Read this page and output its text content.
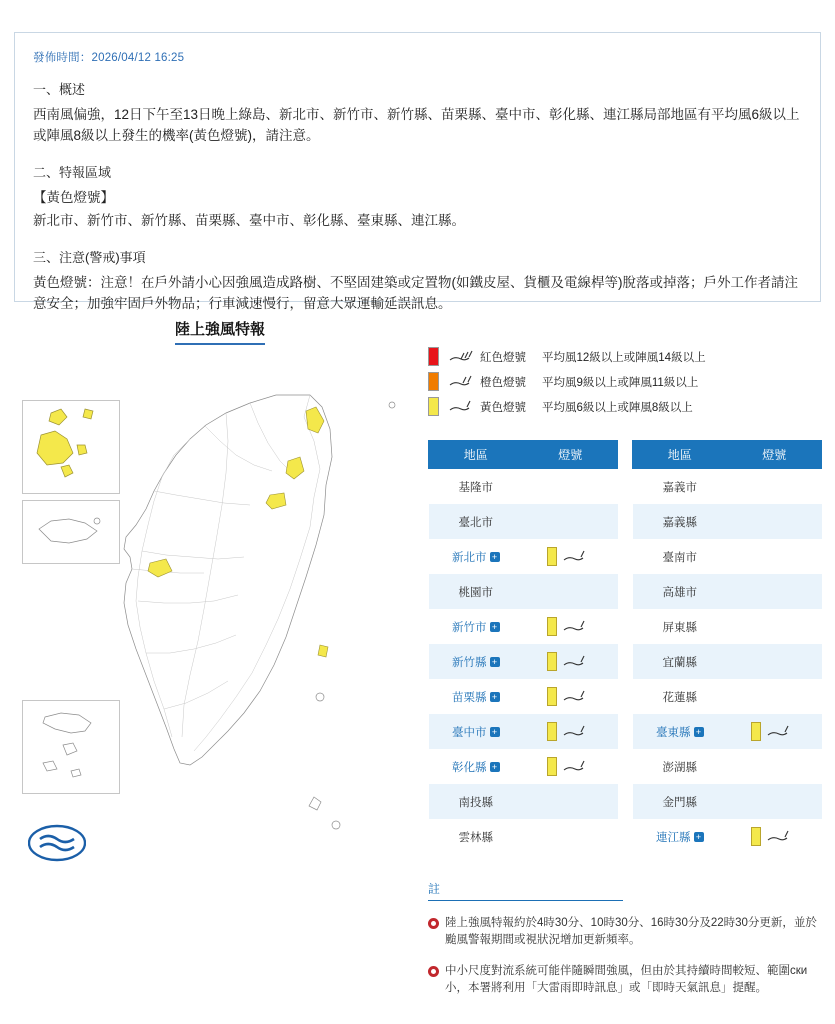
發佈時間：2026/04/12 16:25
一、概述
西南風偏強，12日下午至13日晚上綠島、新北市、新竹市、新竹縣、苗栗縣、臺中市、彰化縣、連江縣局部地區有平均風6級以上或陣風8級以上發生的機率(黃色燈號)，請注意。
二、特報區域
【黃色燈號】
新北市、新竹市、新竹縣、苗栗縣、臺中市、彰化縣、臺東縣、連江縣。
三、注意(警戒)事項
黃色燈號：注意！在戶外請小心因強風造成路樹、不堅固建築或定置物(如鐵皮屋、貨櫃及電線桿等)脫落或掉落；戶外工作者請注意安全；加強牢固戶外物品；行車減速慢行，留意大眾運輸延誤訊息。
陸上強風特報
紅色燈號	平均風12級以上或陣風14級以上
橙色燈號	平均風9級以上或陣風11級以上
黃色燈號	平均風6級以上或陣風8級以上
地區	燈號
基隆市	
臺北市	
新北市 +	

桃園市	
新竹市 +	

新竹縣 +	

苗栗縣 +	

臺中市 +	

彰化縣 +	

南投縣	
雲林縣	
地區	燈號
嘉義市	
嘉義縣	
臺南市	
高雄市	
屏東縣	
宜蘭縣	
花蓮縣	
臺東縣 +	

澎湖縣	
金門縣	
連江縣 +	
註
陸上強風特報約於4時30分、10時30分、16時30分及22時30分更新，並於颱風警報期間或視狀況增加更新頻率。
中小尺度對流系統可能伴隨瞬間強風，但由於其持續時間較短、範圍ски小，本署將利用「大雷雨即時訊息」或「即時天氣訊息」提醒。
